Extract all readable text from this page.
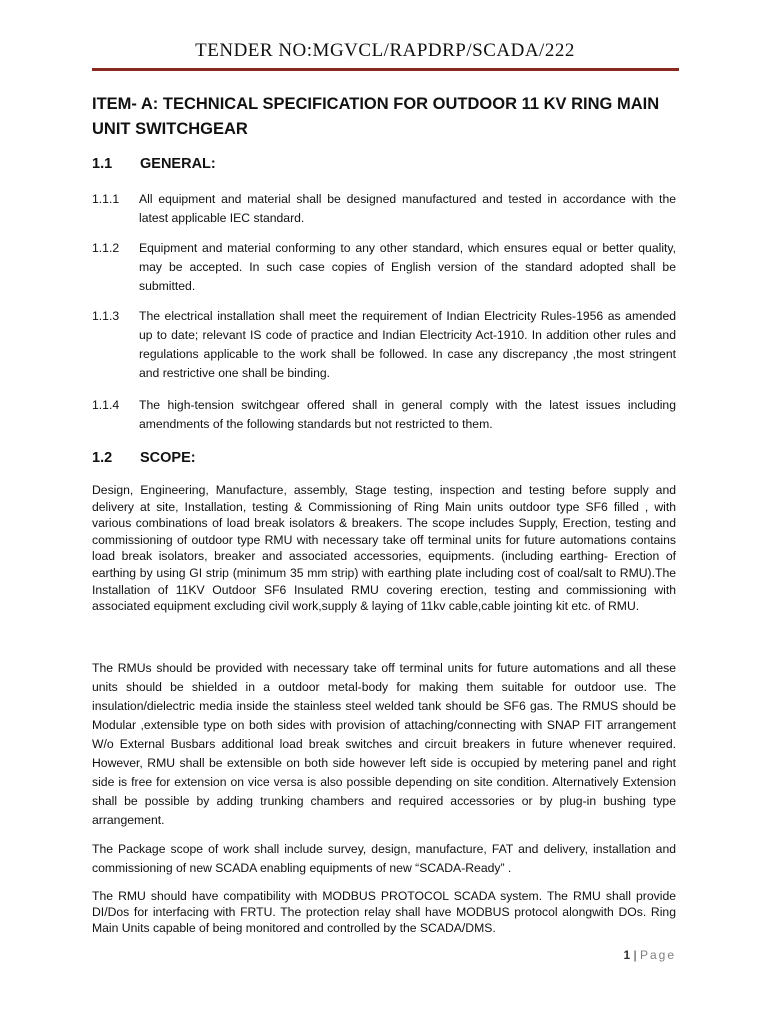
TENDER NO:MGVCL/RAPDRP/SCADA/222
ITEM- A: TECHNICAL SPECIFICATION FOR OUTDOOR 11 KV RING MAIN UNIT SWITCHGEAR
1.1 GENERAL:
1.1.1 All equipment and material shall be designed manufactured and tested in accordance with the latest applicable IEC standard.
1.1.2 Equipment and material conforming to any other standard, which ensures equal or better quality, may be accepted. In such case copies of English version of the standard adopted shall be submitted.
1.1.3 The electrical installation shall meet the requirement of Indian Electricity Rules-1956 as amended up to date; relevant IS code of practice and Indian Electricity Act-1910. In addition other rules and regulations applicable to the work shall be followed. In case any discrepancy ,the most stringent and restrictive one shall be binding.
1.1.4 The high-tension switchgear offered shall in general comply with the latest issues including amendments of the following standards but not restricted to them.
1.2 SCOPE:
Design, Engineering, Manufacture, assembly, Stage testing, inspection and testing before supply and delivery at site, Installation, testing & Commissioning of Ring Main units outdoor type SF6 filled , with various combinations of load break isolators & breakers. The scope includes Supply, Erection, testing and commissioning of outdoor type RMU with necessary take off terminal units for future automations contains load break isolators, breaker and associated accessories, equipments. (including earthing- Erection of earthing by using GI strip (minimum 35 mm strip) with earthing plate including cost of coal/salt to RMU).The Installation of 11KV Outdoor SF6 Insulated RMU covering erection, testing and commissioning with associated equipment excluding civil work,supply & laying of 11kv cable,cable jointing kit etc. of RMU.
The RMUs should be provided with necessary take off terminal units for future automations and all these units should be shielded in a outdoor metal-body for making them suitable for outdoor use. The insulation/dielectric media inside the stainless steel welded tank should be SF6 gas. The RMUS should be Modular ,extensible type on both sides with provision of attaching/connecting with SNAP FIT arrangement W/o External Busbars additional load break switches and circuit breakers in future whenever required. However, RMU shall be extensible on both side however left side is occupied by metering panel and right side is free for extension on vice versa is also possible depending on site condition. Alternatively Extension shall be possible by adding trunking chambers and required accessories or by plug-in bushing type arrangement.
The Package scope of work shall include survey, design, manufacture, FAT and delivery, installation and commissioning of new SCADA enabling equipments of new “SCADA-Ready” .
The RMU should have compatibility with MODBUS PROTOCOL SCADA system. The RMU shall provide DI/Dos for interfacing with FRTU. The protection relay shall have MODBUS protocol alongwith DOs. Ring Main Units capable of being monitored and controlled by the SCADA/DMS.
1 | Page
